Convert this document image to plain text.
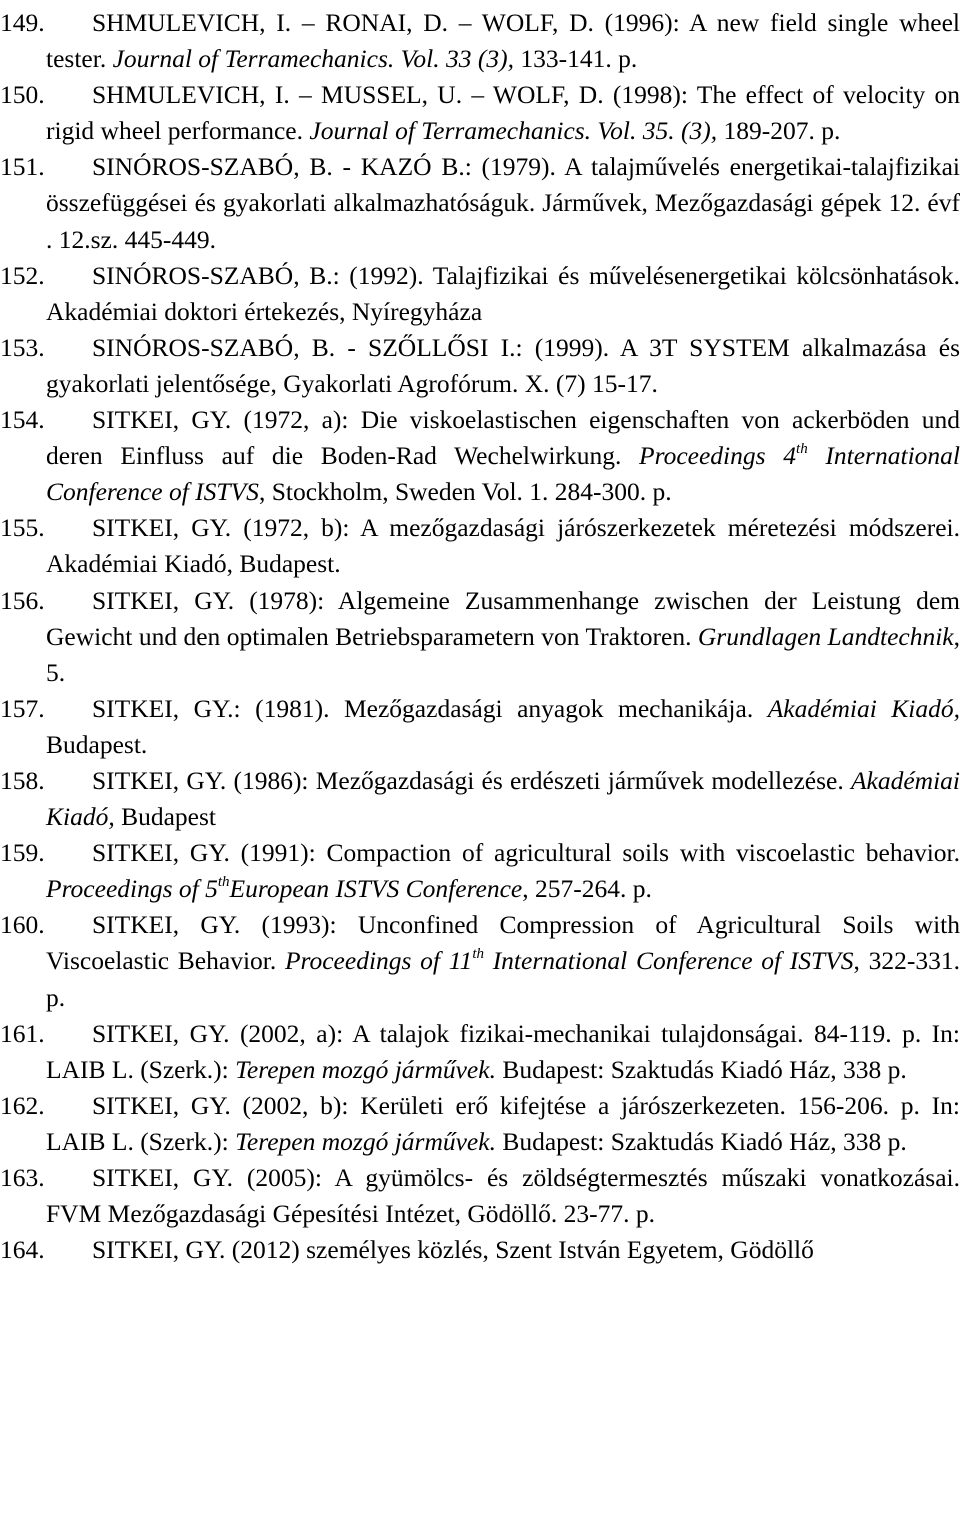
149. SHMULEVICH, I. – RONAI, D. – WOLF, D. (1996): A new field single wheel tester. Journal of Terramechanics. Vol. 33 (3), 133-141. p.
150. SHMULEVICH, I. – MUSSEL, U. – WOLF, D. (1998): The effect of velocity on rigid wheel performance. Journal of Terramechanics. Vol. 35. (3), 189-207. p.
151. SINÓROS-SZABÓ, B. - KAZÓ B.: (1979). A talajművelés energetikai-talajfizikai összefüggései és gyakorlati alkalmazhatóságuk. Járművek, Mezőgazdasági gépek 12. évf . 12.sz. 445-449.
152. SINÓROS-SZABÓ, B.: (1992). Talajfizikai és művelésenergetikai kölcsönhatások. Akadémiai doktori értekezés, Nyíregyháza
153. SINÓROS-SZABÓ, B. - SZŐLLŐSI I.: (1999). A 3T SYSTEM alkalmazása és gyakorlati jelentősége, Gyakorlati Agrofórum. X. (7) 15-17.
154. SITKEI, GY. (1972, a): Die viskoelastischen eigenschaften von ackerböden und deren Einfluss auf die Boden-Rad Wechelwirkung. Proceedings 4th International Conference of ISTVS, Stockholm, Sweden Vol. 1. 284-300. p.
155. SITKEI, GY. (1972, b): A mezőgazdasági járószerkezetek méretezési módszerei. Akadémiai Kiadó, Budapest.
156. SITKEI, GY. (1978): Algemeine Zusammenhange zwischen der Leistung dem Gewicht und den optimalen Betriebsparametern von Traktoren. Grundlagen Landtechnik, 5.
157. SITKEI, GY.: (1981). Mezőgazdasági anyagok mechanikája. Akadémiai Kiadó, Budapest.
158. SITKEI, GY. (1986): Mezőgazdasági és erdészeti járművek modellezése. Akadémiai Kiadó, Budapest
159. SITKEI, GY. (1991): Compaction of agricultural soils with viscoelastic behavior. Proceedings of 5thEuropean ISTVS Conference, 257-264. p.
160. SITKEI, GY. (1993): Unconfined Compression of Agricultural Soils with Viscoelastic Behavior. Proceedings of 11th International Conference of ISTVS, 322-331. p.
161. SITKEI, GY. (2002, a): A talajok fizikai-mechanikai tulajdonságai. 84-119. p. In: LAIB L. (Szerk.): Terepen mozgó járművek. Budapest: Szaktudás Kiadó Ház, 338 p.
162. SITKEI, GY. (2002, b): Kerületi erő kifejtése a járószerkezeten. 156-206. p. In: LAIB L. (Szerk.): Terepen mozgó járművek. Budapest: Szaktudás Kiadó Ház, 338 p.
163. SITKEI, GY. (2005): A gyümölcs- és zöldségtermesztés műszaki vonatkozásai. FVM Mezőgazdasági Gépesítési Intézet, Gödöllő. 23-77. p.
164. SITKEI, GY. (2012) személyes közlés, Szent István Egyetem, Gödöllő
